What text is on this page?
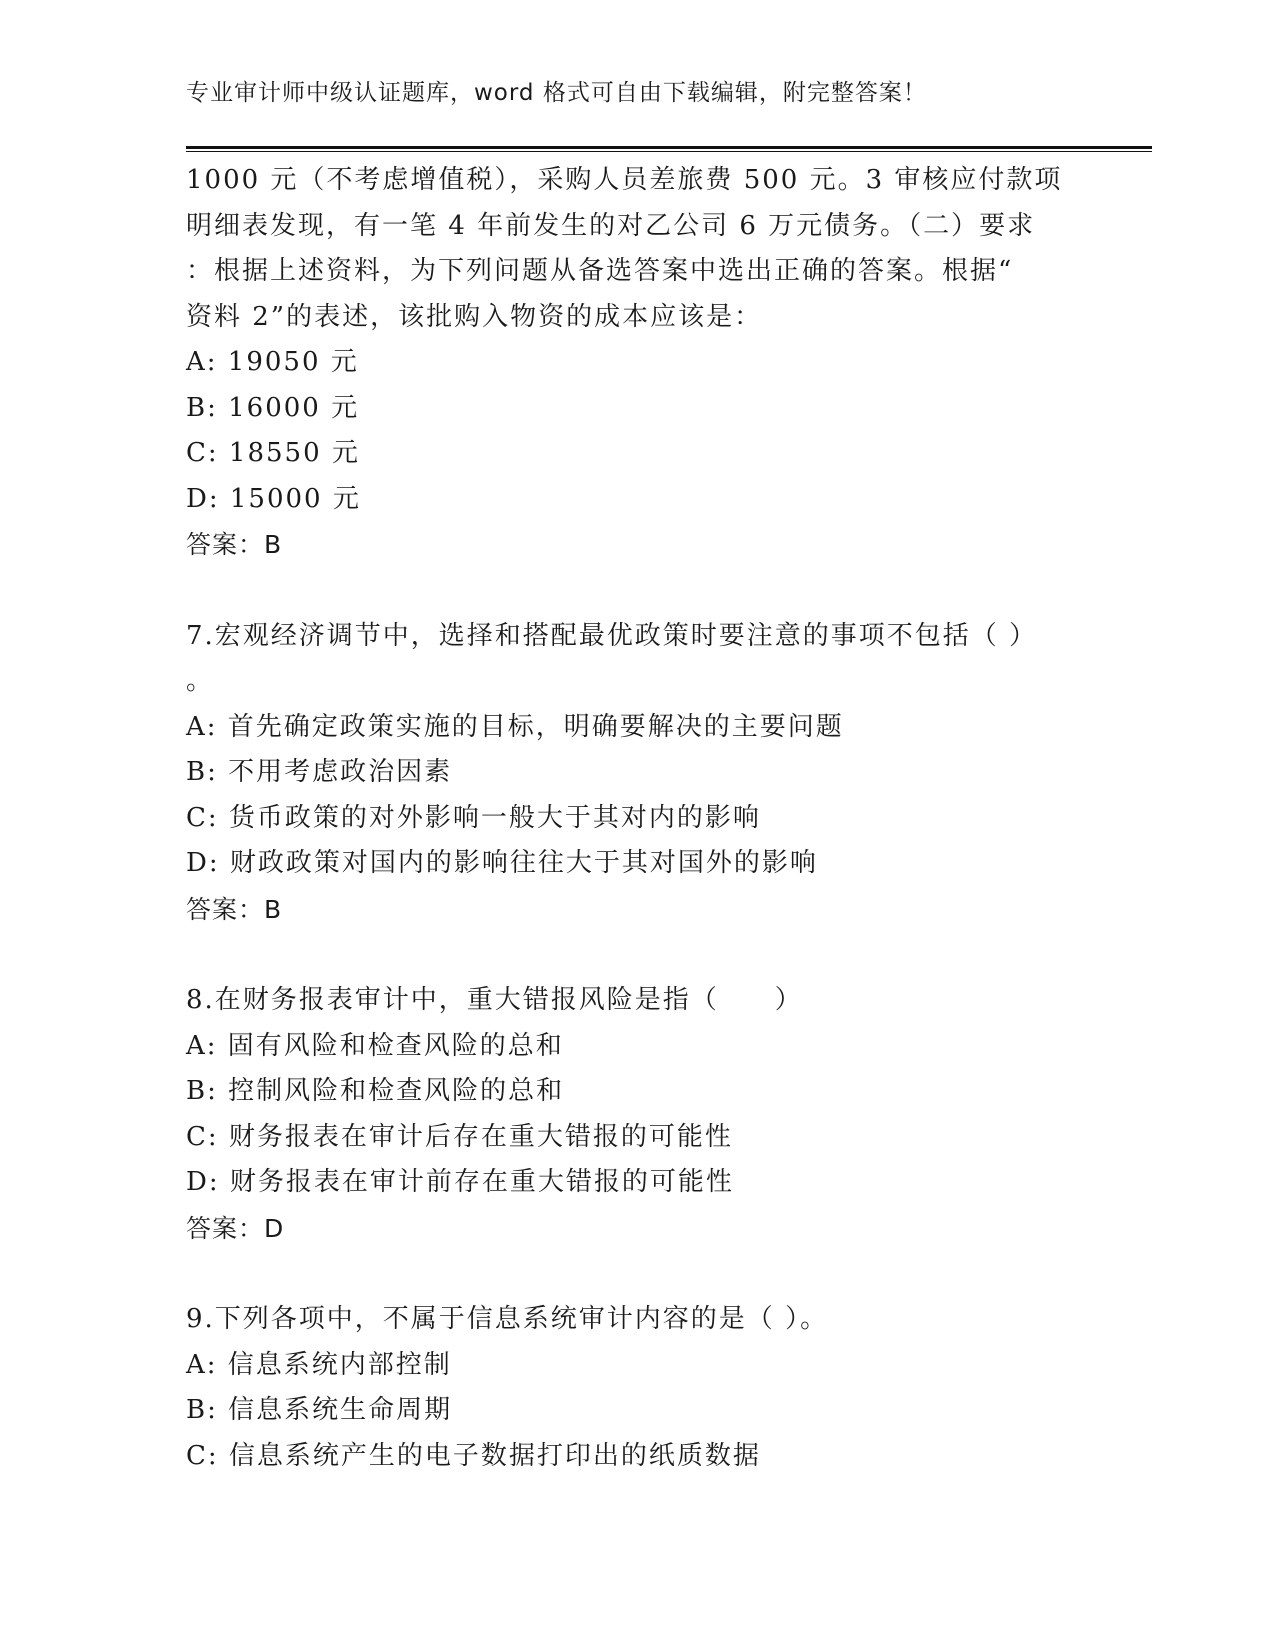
专业审计师中级认证题库，word 格式可自由下载编辑，附完整答案！
1000 元（不考虑增值税），采购人员差旅费 500 元。3 审核应付款项
明细表发现，有一笔 4 年前发生的对乙公司 6 万元债务。（二）要求
：根据上述资料，为下列问题从备选答案中选出正确的答案。根据“
资料 2”的表述，该批购入物资的成本应该是：
A: 19050 元
B: 16000 元
C: 18550 元
D: 15000 元
答案：B
7.宏观经济调节中，选择和搭配最优政策时要注意的事项不包括（ ）
。
A: 首先确定政策实施的目标，明确要解决的主要问题
B: 不用考虑政治因素
C: 货币政策的对外影响一般大于其对内的影响
D: 财政政策对国内的影响往往大于其对国外的影响
答案：B
8.在财务报表审计中，重大错报风险是指（　　）
A: 固有风险和检查风险的总和
B: 控制风险和检查风险的总和
C: 财务报表在审计后存在重大错报的可能性
D: 财务报表在审计前存在重大错报的可能性
答案：D
9.下列各项中，不属于信息系统审计内容的是（ ）。
A: 信息系统内部控制
B: 信息系统生命周期
C: 信息系统产生的电子数据打印出的纸质数据
